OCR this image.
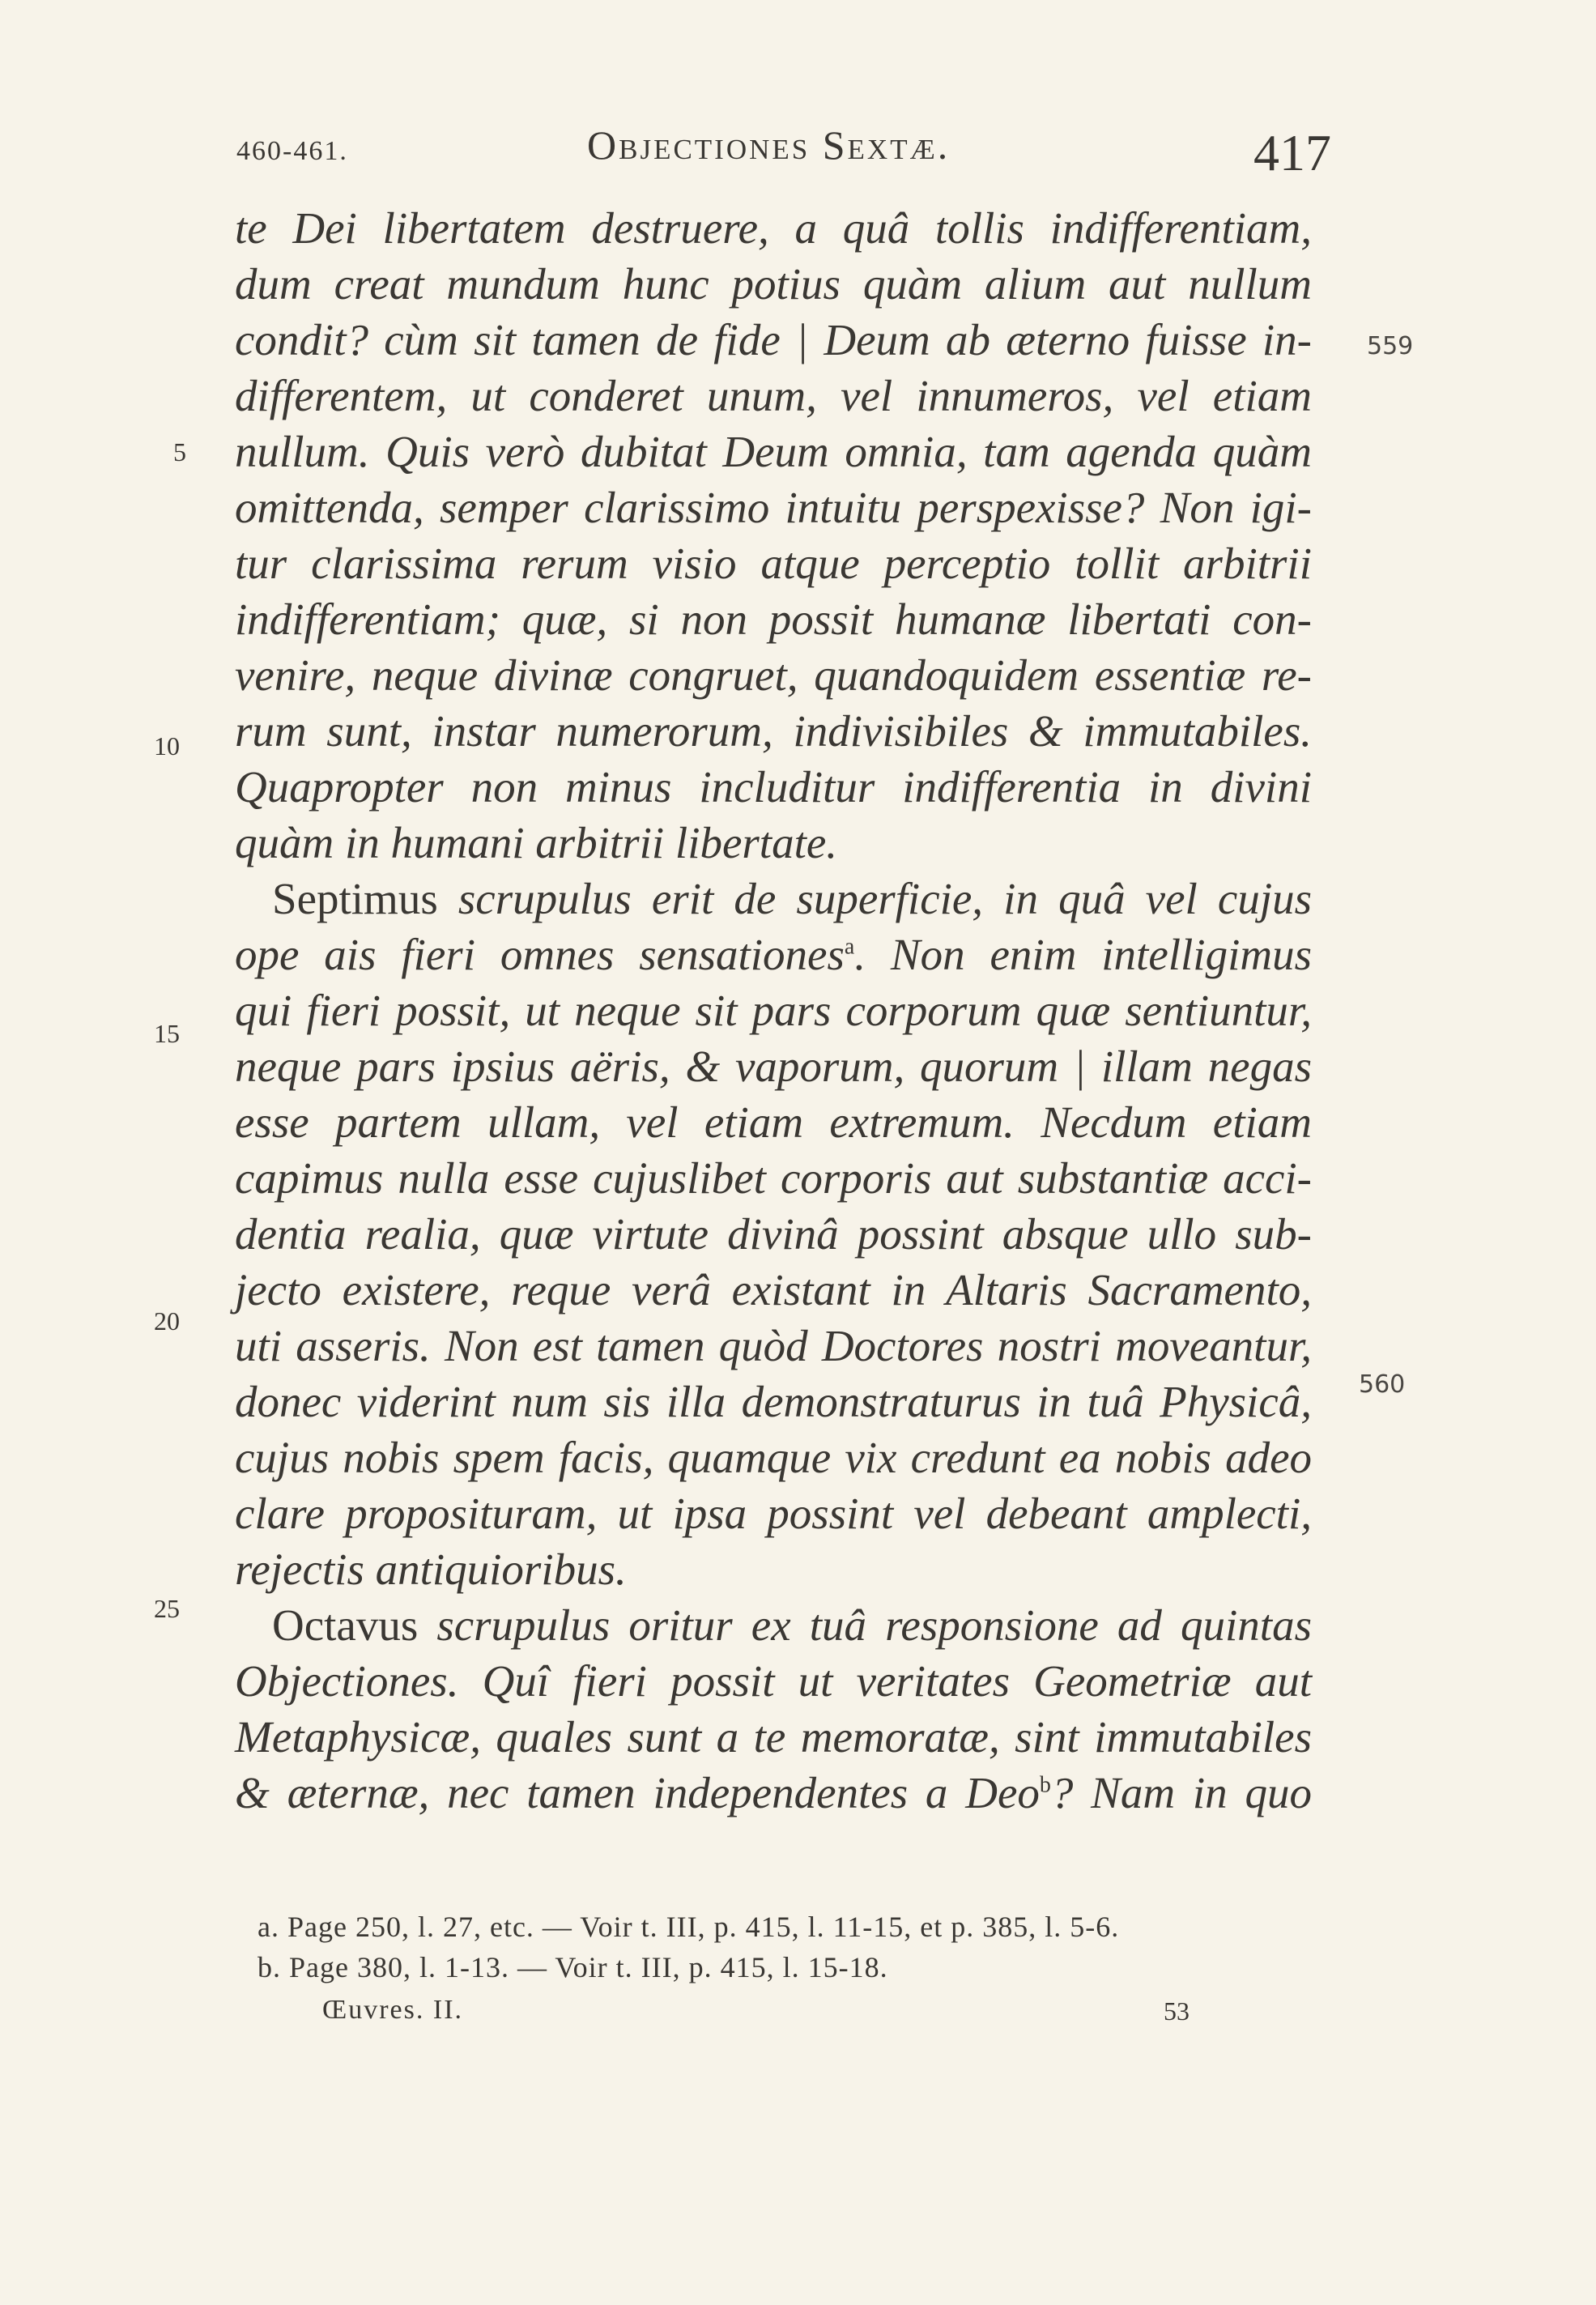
460-461.	Objectiones Sextæ.	417
te Dei libertatem destruere, a quâ tollis indifferentiam,
dum creat mundum hunc potius quàm alium aut nullum
condit? cùm sit tamen de fide | Deum ab æterno fuisse in-
differentem, ut conderet unum, vel innumeros, vel etiam
nullum. Quis verò dubitat Deum omnia, tam agenda quàm
omittenda, semper clarissimo intuitu perspexisse? Non igi-
tur clarissima rerum visio atque perceptio tollit arbitrii
indifferentiam; quæ, si non possit humanæ libertati con-
venire, neque divinæ congruet, quandoquidem essentiæ re-
rum sunt, instar numerorum, indivisibiles & immutabiles.
Quapropter non minus includitur indifferentia in divini
quàm in humani arbitrii libertate.
Septimus scrupulus erit de superficie, in quâ vel cujus
ope ais fieri omnes sensationes$^a$. Non enim intelligimus
qui fieri possit, ut neque sit pars corporum quæ sentiuntur,
neque pars ipsius aëris, & vaporum, quorum | illam negas
esse partem ullam, vel etiam extremum. Necdum etiam
capimus nulla esse cujuslibet corporis aut substantiæ acci-
dentia realia, quæ virtute divinâ possint absque ullo sub-
jecto existere, reque verâ existant in Altaris Sacramento,
uti asseris. Non est tamen quòd Doctores nostri moveantur,
donec viderint num sis illa demonstraturus in tuâ Physicâ,
cujus nobis spem facis, quamque vix credunt ea nobis adeo
clare proposituram, ut ipsa possint vel debeant amplecti,
rejectis antiquioribus.
Octavus scrupulus oritur ex tuâ responsione ad quintas
Objectiones. Quî fieri possit ut veritates Geometriæ aut
Metaphysicæ, quales sunt a te memoratæ, sint immutabiles
& æternæ, nec tamen independentes a Deo$^b$? Nam in quo
5
10
15
20
25
559
560
a. Page 250, l. 27, etc. — Voir t. III, p. 415, l. 11-15, et p. 385, l. 5-6.
b. Page 380, l. 1-13. — Voir t. III, p. 415, l. 15-18.
Œuvres. II.	53
